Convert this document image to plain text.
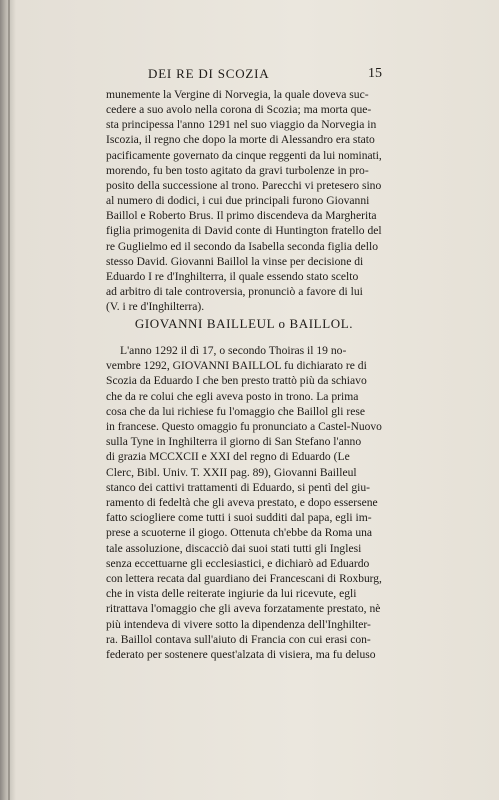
DEI RE DI SCOZIA	15
munemente la Vergine di Norvegia, la quale doveva suc-
cedere a suo avolo nella corona di Scozia; ma morta que-
sta principessa l'anno 1291 nel suo viaggio da Norvegia in
Iscozia, il regno che dopo la morte di Alessandro era stato
pacificamente governato da cinque reggenti da lui nominati,
morendo, fu ben tosto agitato da gravi turbolenze in pro-
posito della successione al trono. Parecchi vi pretesero sino
al numero di dodici, i cui due principali furono Giovanni
Baillol e Roberto Brus. Il primo discendeva da Margherita
figlia primogenita di David conte di Huntington fratello del
re Guglielmo ed il secondo da Isabella seconda figlia dello
stesso David. Giovanni Baillol la vinse per decisione di
Eduardo I re d'Inghilterra, il quale essendo stato scelto
ad arbitro di tale controversia, pronunciò a favore di lui
(V. i re d'Inghilterra).
GIOVANNI BAILLEUL o BAILLOL.
L'anno 1292 il dì 17, o secondo Thoiras il 19 no-
vembre 1292, GIOVANNI BAILLOL fu dichiarato re di
Scozia da Eduardo I che ben presto trattò più da schiavo
che da re colui che egli aveva posto in trono. La prima
cosa che da lui richiese fu l'omaggio che Baillol gli rese
in francese. Questo omaggio fu pronunciato a Castel-Nuovo
sulla Tyne in Inghilterra il giorno di San Stefano l'anno
di grazia MCCXCII e XXI del regno di Eduardo (Le
Clerc, Bibl. Univ. T. XXII pag. 89), Giovanni Bailleul
stanco dei cattivi trattamenti di Eduardo, si pentì del giu-
ramento di fedeltà che gli aveva prestato, e dopo essersene
fatto sciogliere come tutti i suoi sudditi dal papa, egli im-
prese a scuoterne il giogo. Ottenuta ch'ebbe da Roma una
tale assoluzione, discacciò dai suoi stati tutti gli Inglesi
senza eccettuarne gli ecclesiastici, e dichiarò ad Eduardo
con lettera recata dal guardiano dei Francescani di Roxburg,
che in vista delle reiterate ingiurie da lui ricevute, egli
ritrattava l'omaggio che gli aveva forzatamente prestato, nè
più intendeva di vivere sotto la dipendenza dell'Inghilter-
ra. Baillol contava sull'aiuto di Francia con cui erasi con-
federato per sostenere quest'alzata di visiera, ma fu deluso
